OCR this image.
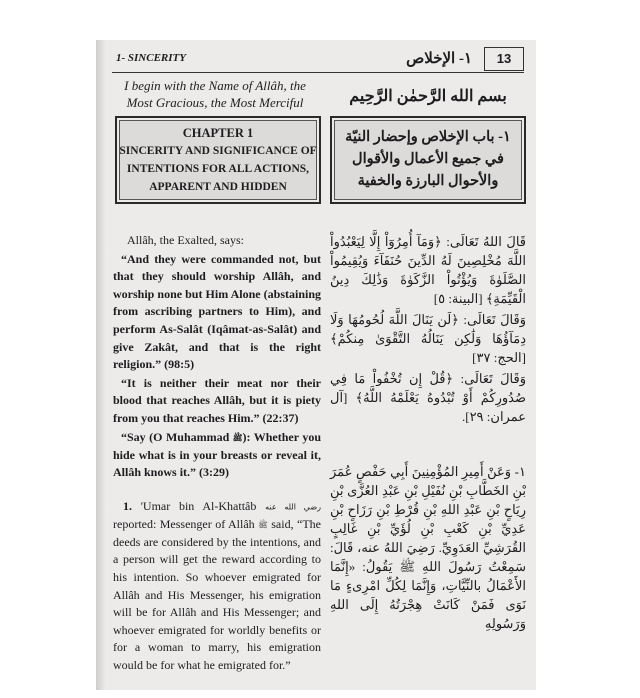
1- SINCERITY	١- الإخلاص	13
I begin with the Name of Allâh, the Most Gracious, the Most Merciful	بسم الله الرَّحمٰن الرَّحِيم
CHAPTER 1
SINCERITY AND SIGNIFICANCE OF INTENTIONS FOR ALL ACTIONS, APPARENT AND HIDDEN
١- باب الإخلاص وإحضار النيّة في جميع الأعمال والأقوال والأحوال البارزة والخفية

Allâh, the Exalted, says:

“And they were commanded not, but that they should worship Allâh, and worship none but Him Alone (abstaining from ascribing partners to Him), and perform As-Salât (Iqâmat-as-Salât) and give Zakât, and that is the right religion.” (98:5)

“It is neither their meat nor their blood that reaches Allâh, but it is piety from you that reaches Him.” (22:37)

“Say (O Muhammad ﷺ): Whether you hide what is in your breasts or reveal it, Allâh knows it.” (3:29)

1. 'Umar bin Al-Khattâb رضي الله عنه reported: Messenger of Allâh ﷺ said, “The deeds are considered by the intentions, and a person will get the reward according to his intention. So whoever emigrated for Allâh and His Messenger, his emigration will be for Allâh and His Messenger; and whoever emigrated for worldly benefits or for a woman to marry, his emigration would be for what he emigrated for.”

قَالَ اللهُ تَعَالَى: ﴿وَمَآ أُمِرُوٓاْ إِلَّا لِيَعْبُدُواْ اللَّهَ مُخْلِصِينَ لَهُ الدِّينَ حُنَفَآءَ وَيُقِيمُواْ الصَّلَوٰةَ وَيُؤْتُواْ الزَّكَوٰةَ وَذَٰلِكَ دِينُ الْقَيِّمَةِ﴾ [البينة: ٥]

وَقَالَ تَعَالَى: ﴿لَن يَنَالَ اللَّهَ لُحُومُهَا وَلَا دِمَآؤُهَا وَلَٰكِن يَنَالُهُ التَّقْوَىٰ مِنكُمْ﴾ [الحج: ٣٧]

وَقَالَ تَعَالَى: ﴿قُلْ إِن تُخْفُواْ مَا فِي صُدُورِكُمْ أَوْ تُبْدُوهُ يَعْلَمْهُ اللَّهُ﴾ [آل عمران: ٢٩].

١- وَعَنْ أَمِيرِ المُؤْمِنِينَ أَبِي حَفْصٍ عُمَرَ بْنِ الخَطَّابِ بْنِ نُفَيْلِ بْنِ عَبْدِ العُزَّى بْنِ رِيَاحٍ بْنِ عَبْدِ اللهِ بْنِ قُرْطِ بْنِ رَزَاحٍ بْنِ عَدِيِّ بْنِ كَعْبِ بْنِ لُؤَيِّ بْنِ غَالِبٍ القُرَشِيِّ العَدَوِيِّ. رَضِيَ اللهُ عنه، قَالَ: سَمِعْتُ رَسُولَ اللهِ ﷺ يَقُولُ: «إِنَّمَا الأَعْمَالُ بالنِّيَّاتِ، وَإِنَّمَا لِكُلِّ امْرِىءٍ مَا نَوَى فَمَنْ كَانَتْ هِجْرَتُهُ إِلَى اللهِ وَرَسُولِهِ
